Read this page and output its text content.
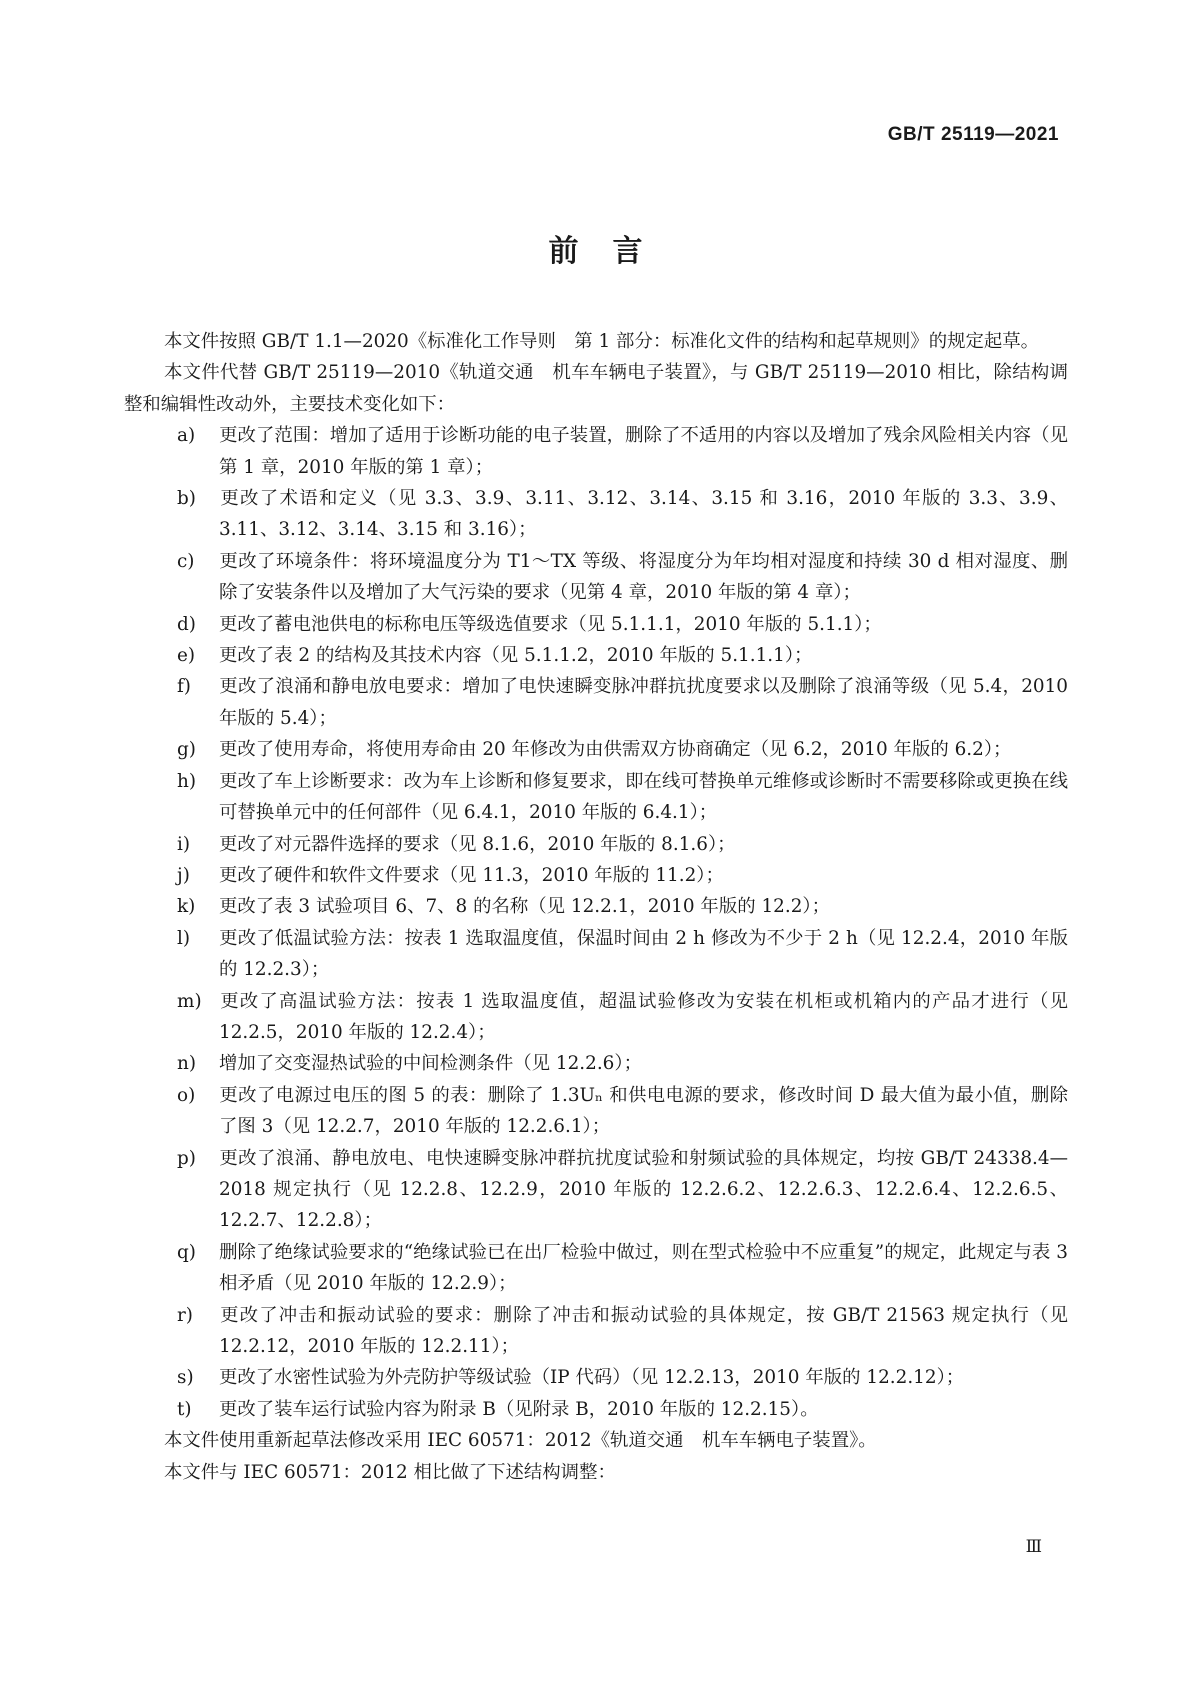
GB/T 25119—2021
前言

本文件按照 GB/T 1.1—2020《标准化工作导则　第 1 部分：标准化文件的结构和起草规则》的规定起草。

本文件代替 GB/T 25119—2010《轨道交通　机车车辆电子装置》，与 GB/T 25119—2010 相比，除结构调整和编辑性改动外，主要技术变化如下：

a) 更改了范围：增加了适用于诊断功能的电子装置，删除了不适用的内容以及增加了残余风险相关内容（见第 1 章，2010 年版的第 1 章）；

b) 更改了术语和定义（见 3.3、3.9、3.11、3.12、3.14、3.15 和 3.16，2010 年版的 3.3、3.9、3.11、3.12、3.14、3.15 和 3.16）；

c) 更改了环境条件：将环境温度分为 T1～TX 等级、将湿度分为年均相对湿度和持续 30 d 相对湿度、删除了安装条件以及增加了大气污染的要求（见第 4 章，2010 年版的第 4 章）；

d) 更改了蓄电池供电的标称电压等级选值要求（见 5.1.1.1，2010 年版的 5.1.1）；

e) 更改了表 2 的结构及其技术内容（见 5.1.1.2，2010 年版的 5.1.1.1）；

f) 更改了浪涌和静电放电要求：增加了电快速瞬变脉冲群抗扰度要求以及删除了浪涌等级（见 5.4，2010 年版的 5.4）；

g) 更改了使用寿命，将使用寿命由 20 年修改为由供需双方协商确定（见 6.2，2010 年版的 6.2）；

h) 更改了车上诊断要求：改为车上诊断和修复要求，即在线可替换单元维修或诊断时不需要移除或更换在线可替换单元中的任何部件（见 6.4.1，2010 年版的 6.4.1）；

i) 更改了对元器件选择的要求（见 8.1.6，2010 年版的 8.1.6）；

j) 更改了硬件和软件文件要求（见 11.3，2010 年版的 11.2）；

k) 更改了表 3 试验项目 6、7、8 的名称（见 12.2.1，2010 年版的 12.2）；

l) 更改了低温试验方法：按表 1 选取温度值，保温时间由 2 h 修改为不少于 2 h（见 12.2.4，2010 年版的 12.2.3）；

m) 更改了高温试验方法：按表 1 选取温度值，超温试验修改为安装在机柜或机箱内的产品才进行（见 12.2.5，2010 年版的 12.2.4）；

n) 增加了交变湿热试验的中间检测条件（见 12.2.6）；

o) 更改了电源过电压的图 5 的表：删除了 1.3Uₙ 和供电电源的要求，修改时间 D 最大值为最小值，删除了图 3（见 12.2.7，2010 年版的 12.2.6.1）；

p) 更改了浪涌、静电放电、电快速瞬变脉冲群抗扰度试验和射频试验的具体规定，均按 GB/T 24338.4—2018 规定执行（见 12.2.8、12.2.9，2010 年版的 12.2.6.2、12.2.6.3、12.2.6.4、12.2.6.5、12.2.7、12.2.8）；

q) 删除了绝缘试验要求的“绝缘试验已在出厂检验中做过，则在型式检验中不应重复”的规定，此规定与表 3 相矛盾（见 2010 年版的 12.2.9）；

r) 更改了冲击和振动试验的要求：删除了冲击和振动试验的具体规定，按 GB/T 21563 规定执行（见 12.2.12，2010 年版的 12.2.11）；

s) 更改了水密性试验为外壳防护等级试验（IP 代码）（见 12.2.13，2010 年版的 12.2.12）；

t) 更改了装车运行试验内容为附录 B（见附录 B，2010 年版的 12.2.15）。

本文件使用重新起草法修改采用 IEC 60571：2012《轨道交通　机车车辆电子装置》。

本文件与 IEC 60571：2012 相比做了下述结构调整：

Ⅲ
